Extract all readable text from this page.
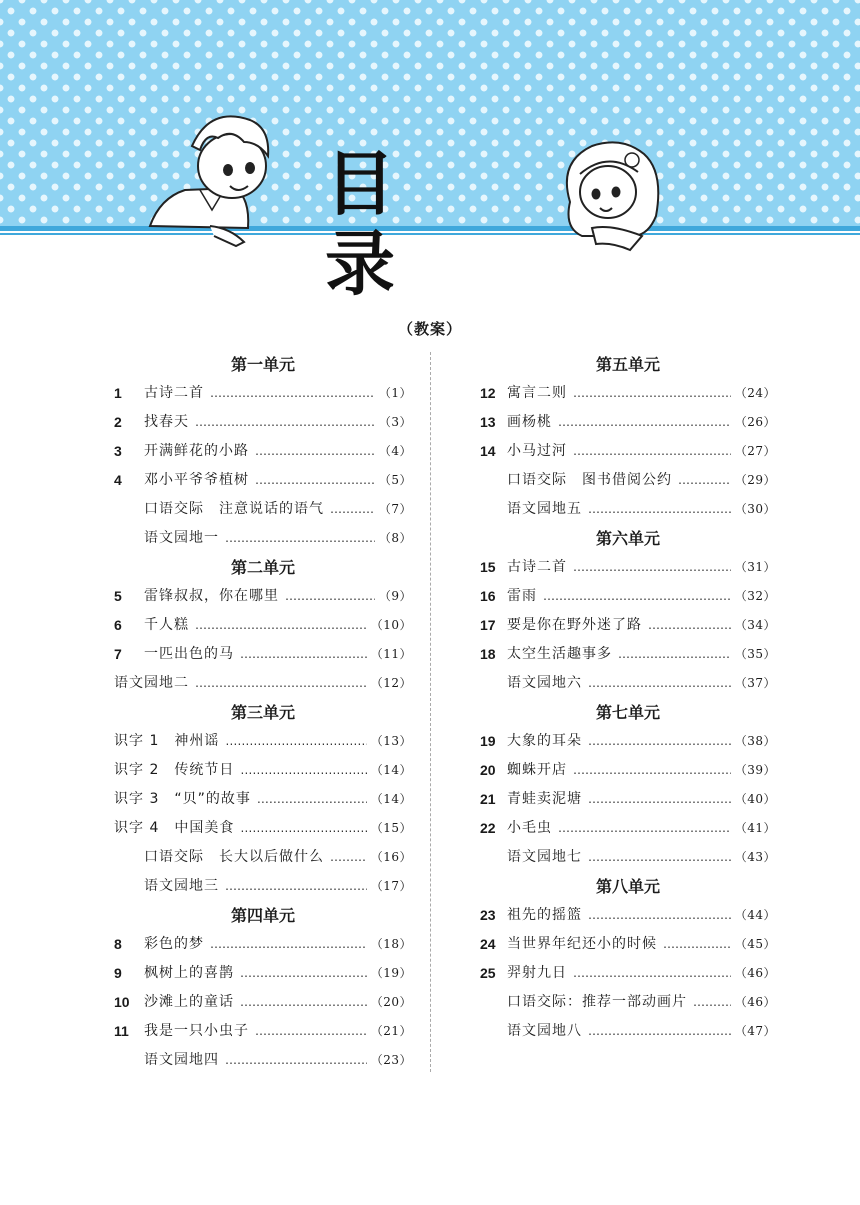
目录
（教案）
第一单元
1	古诗二首 ……………………………………………………………………………………	（1）
2	找春天 ……………………………………………………………………………………	（3）
3	开满鲜花的小路 ……………………………………………………………………………………	（4）
4	邓小平爷爷植树 ……………………………………………………………………………………	（5）
口语交际　注意说话的语气 ……………………………………………………………………………………	（7）
语文园地一 ……………………………………………………………………………………	（8）
第二单元
5	雷锋叔叔，你在哪里 ……………………………………………………………………………………	（9）
6	千人糕 ……………………………………………………………………………………	（10）
7	一匹出色的马 ……………………………………………………………………………………	（11）
语文园地二 ……………………………………………………………………………………	（12）
第三单元
识字 1　神州谣 ……………………………………………………………………………………	（13）
识字 2　传统节日 ……………………………………………………………………………………	（14）
识字 3　“贝”的故事 ……………………………………………………………………………………	（14）
识字 4　中国美食 ……………………………………………………………………………………	（15）
口语交际　长大以后做什么 ……………………………………………………………………………………	（16）
语文园地三 ……………………………………………………………………………………	（17）
第四单元
8	彩色的梦 ……………………………………………………………………………………	（18）
9	枫树上的喜鹊 ……………………………………………………………………………………	（19）
10	沙滩上的童话 ……………………………………………………………………………………	（20）
11	我是一只小虫子 ……………………………………………………………………………………	（21）
语文园地四 ……………………………………………………………………………………	（23）
第五单元
12 寓言二则 ……………………………………………………………………………………	（24）
13 画杨桃 ……………………………………………………………………………………	（26）
14 小马过河 ……………………………………………………………………………………	（27）
口语交际　图书借阅公约 ……………………………………………………………………………………	（29）
语文园地五 ……………………………………………………………………………………	（30）
第六单元
15 古诗二首 ……………………………………………………………………………………	（31）
16 雷雨 ……………………………………………………………………………………	（32）
17 要是你在野外迷了路 ……………………………………………………………………………………	（34）
18 太空生活趣事多 ……………………………………………………………………………………	（35）
语文园地六 ……………………………………………………………………………………	（37）
第七单元
19 大象的耳朵 ……………………………………………………………………………………	（38）
20 蜘蛛开店 ……………………………………………………………………………………	（39）
21 青蛙卖泥塘 ……………………………………………………………………………………	（40）
22 小毛虫 ……………………………………………………………………………………	（41）
语文园地七 ……………………………………………………………………………………	（43）
第八单元
23 祖先的摇篮 ……………………………………………………………………………………	（44）
24 当世界年纪还小的时候 ……………………………………………………………………………………	（45）
25 羿射九日 ……………………………………………………………………………………	（46）
口语交际：推荐一部动画片 ……………………………………………………………………………………	（46）
语文园地八 ……………………………………………………………………………………	（47）
